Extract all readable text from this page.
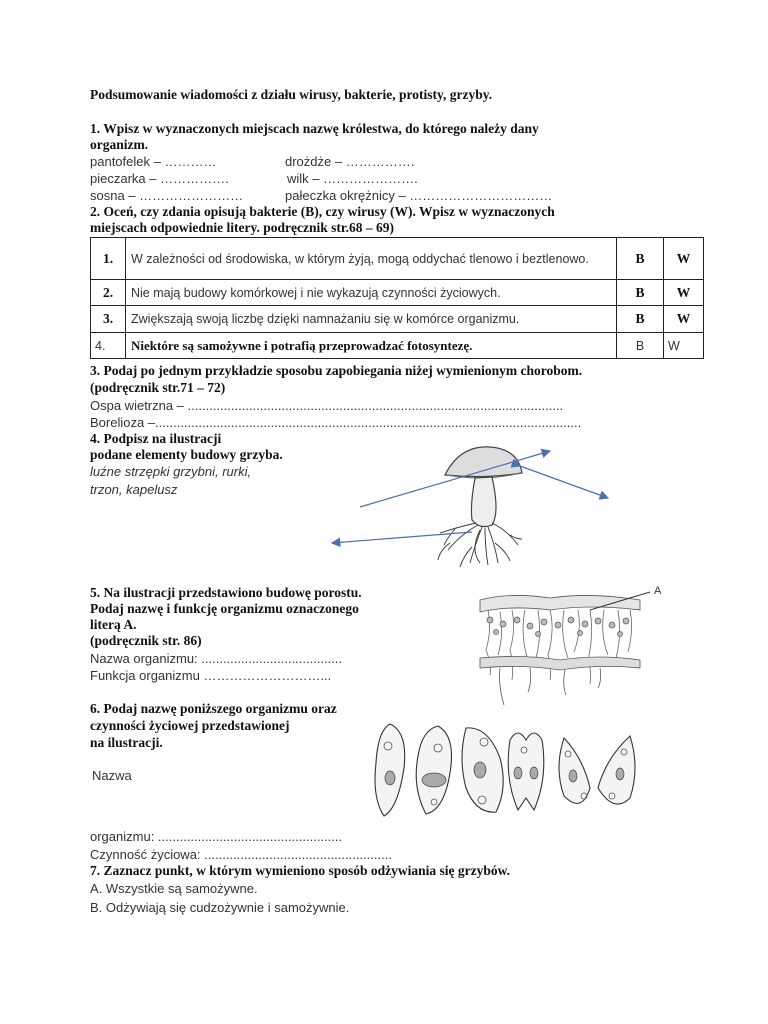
Podsumowanie wiadomości z działu wirusy, bakterie, protisty, grzyby.
1. Wpisz w wyznaczonych miejscach nazwę królestwa, do którego należy dany
organizm.
pantofelek – …………	drożdże – …………….
pieczarka – …………….	wilk – ………………….
sosna – ……………………	pałeczka okrężnicy – ……………………………
2. Oceń, czy zdania opisują bakterie (B), czy wirusy (W). Wpisz w wyznaczonych
miejscach odpowiednie litery. podręcznik str.68 – 69)
1.	W zależności od środowiska, w którym żyją, mogą oddychać tlenowo i beztlenowo.	B	W
2.	Nie mają budowy komórkowej i nie wykazują czynności życiowych.	B	W
3.	Zwiększają swoją liczbę dzięki namnażaniu się w komórce organizmu.	B	W
4.	Niektóre są samożywne i potrafią przeprowadzać fotosyntezę.	B	W
3. Podaj po jednym przykładzie sposobu zapobiegania niżej wymienionym chorobom.
(podręcznik str.71 – 72)
Ospa wietrzna – ........................................................................................................
Borelioza –......................................................................................................................
4. Podpisz na ilustracji
podane elementy budowy grzyba.
luźne strzępki grzybni, rurki,
trzon, kapelusz
5. Na ilustracji przedstawiono budowę porostu.
Podaj nazwę i funkcję organizmu oznaczonego
literą A.
(podręcznik str. 86)
Nazwa organizmu: .......................................
Funkcja organizmu ………………………...
A
6. Podaj nazwę poniższego organizmu oraz
czynności życiowej przedstawionej
na ilustracji.
Nazwa
organizmu: ...................................................
Czynność życiowa: ....................................................
7. Zaznacz punkt, w którym wymieniono sposób odżywiania się grzybów.
A. Wszystkie są samożywne.
B. Odżywiają się cudzożywnie i samożywnie.
